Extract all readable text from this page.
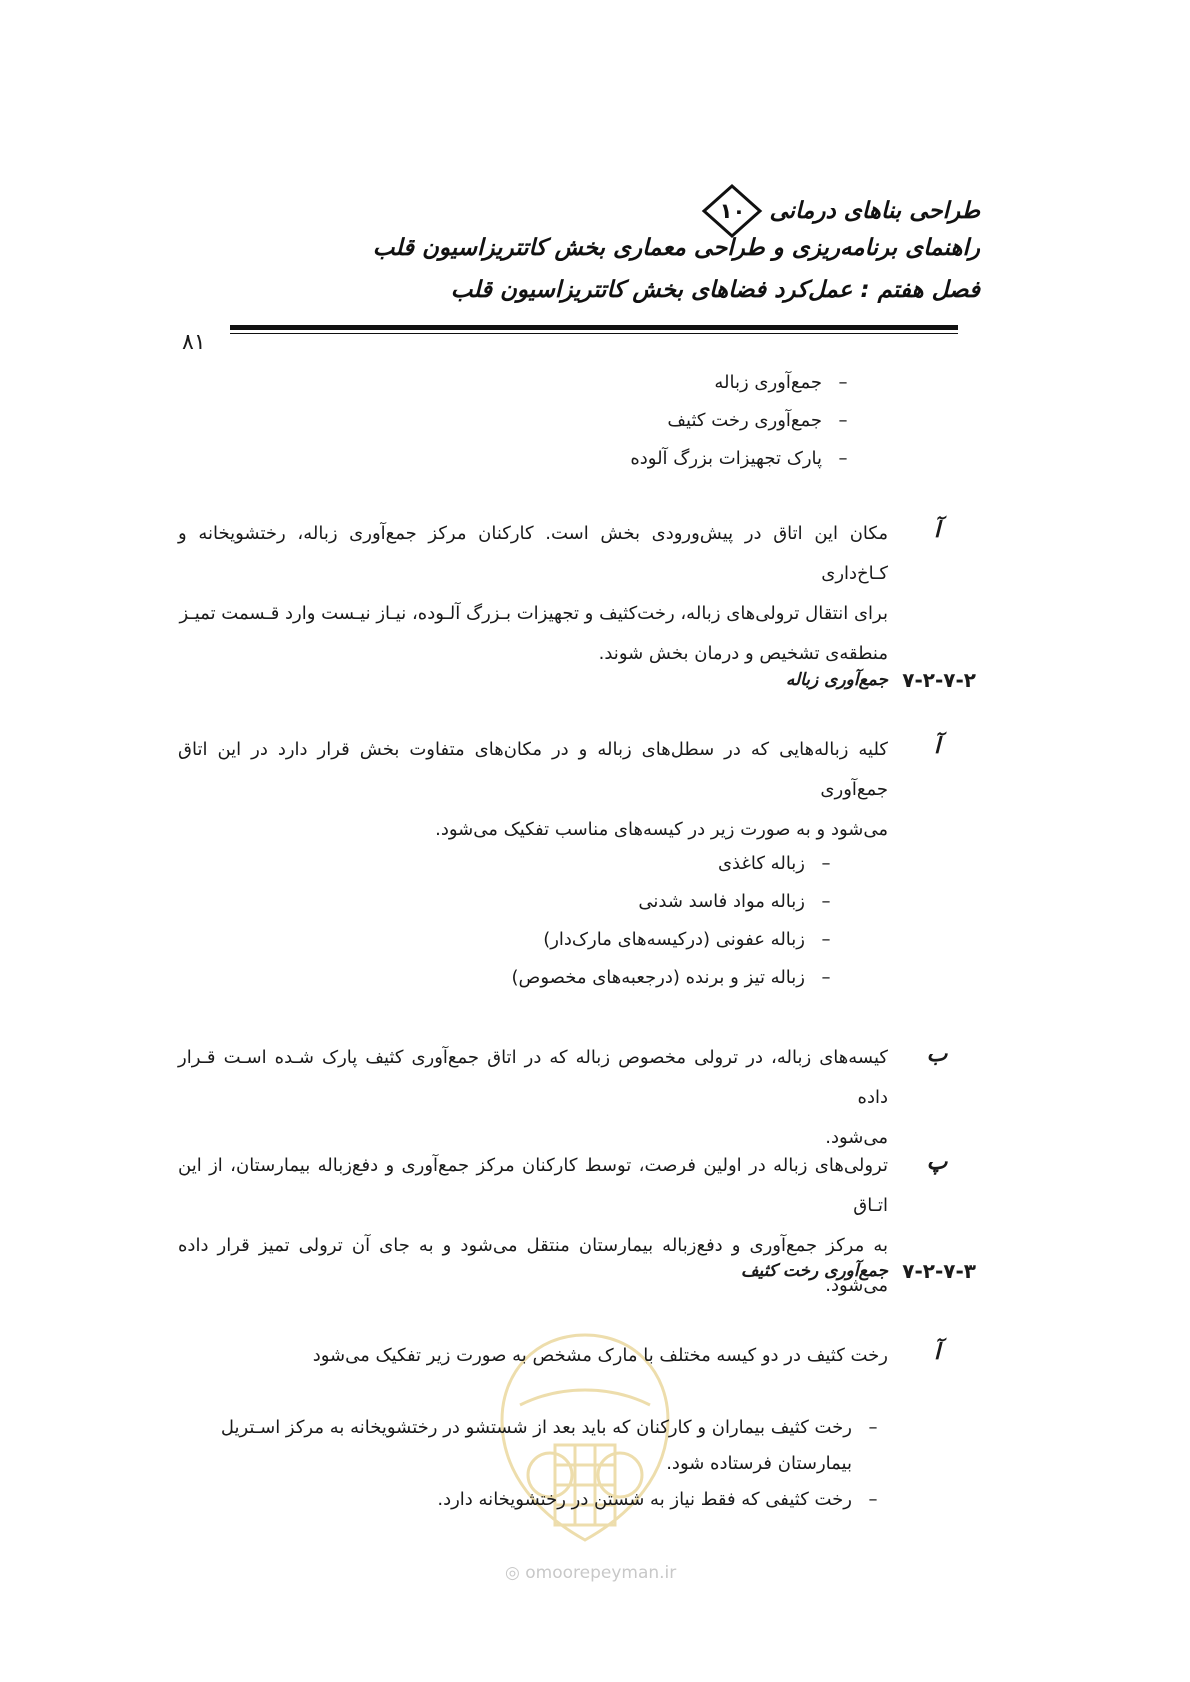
طراحی بناهای درمانی
۱۰
راهنمای برنامه‌ریزی و طراحی معماری بخش کاتتریزاسیون قلب
فصل هفتم : عمل‌کرد فضاهای بخش کاتتریزاسیون قلب
۸۱
–
جمع‌آوری زباله
–
جمع‌آوری رخت کثیف
–
پارک تجهیزات بزرگ آلوده
آ
مکان این اتاق در پیش‌ورودی بخش است. کارکنان مرکز جمع‌آوری زباله، رختشویخانه و کـاخ‌داری
برای انتقال ترولی‌های زباله، رخت‌کثیف و تجهیزات بـزرگ آلـوده، نیـاز نیـست وارد قـسمت تمیـز
منطقه‌ی تشخیص و درمان بخش شوند.
۷-۲-۷-۲
جمع‌آوری زباله
آ
کلیه زباله‌هایی که در سطل‌های زباله و در مکان‌های متفاوت بخش قرار دارد در این اتاق جمع‌آوری
می‌شود و به صورت زیر در کیسه‌های مناسب تفکیک می‌شود.
–
زباله کاغذی
–
زباله مواد فاسد شدنی
–
زباله عفونی (درکیسه‌های مارک‌دار)
–
زباله تیز و برنده (درجعبه‌های مخصوص)
ب
کیسه‌های زباله، در ترولی مخصوص زباله که در اتاق جمع‌آوری کثیف پارک شـده اسـت قـرار داده
می‌شود.
پ
ترولی‌های زباله در اولین فرصت، توسط کارکنان مرکز جمع‌آوری و دفع‌زباله بیمارستان، از این اتـاق
به مرکز جمع‌آوری و دفع‌زباله بیمارستان منتقل می‌شود و به جای آن ترولی تمیز قرار داده می‌شود.
۷-۲-۷-۳
جمع‌آوری رخت کثیف
آ
رخت کثیف در دو کیسه مختلف با مارک مشخص به صورت زیر تفکیک می‌شود
–
رخت کثیف بیماران و کارکنان که باید بعد از شستشو در رختشویخانه به مرکز اسـتریل
بیمارستان فرستاده شود.
–
رخت کثیفی که فقط نیاز به شستن در رختشویخانه دارد.
◎ omoorepeyman.ir
